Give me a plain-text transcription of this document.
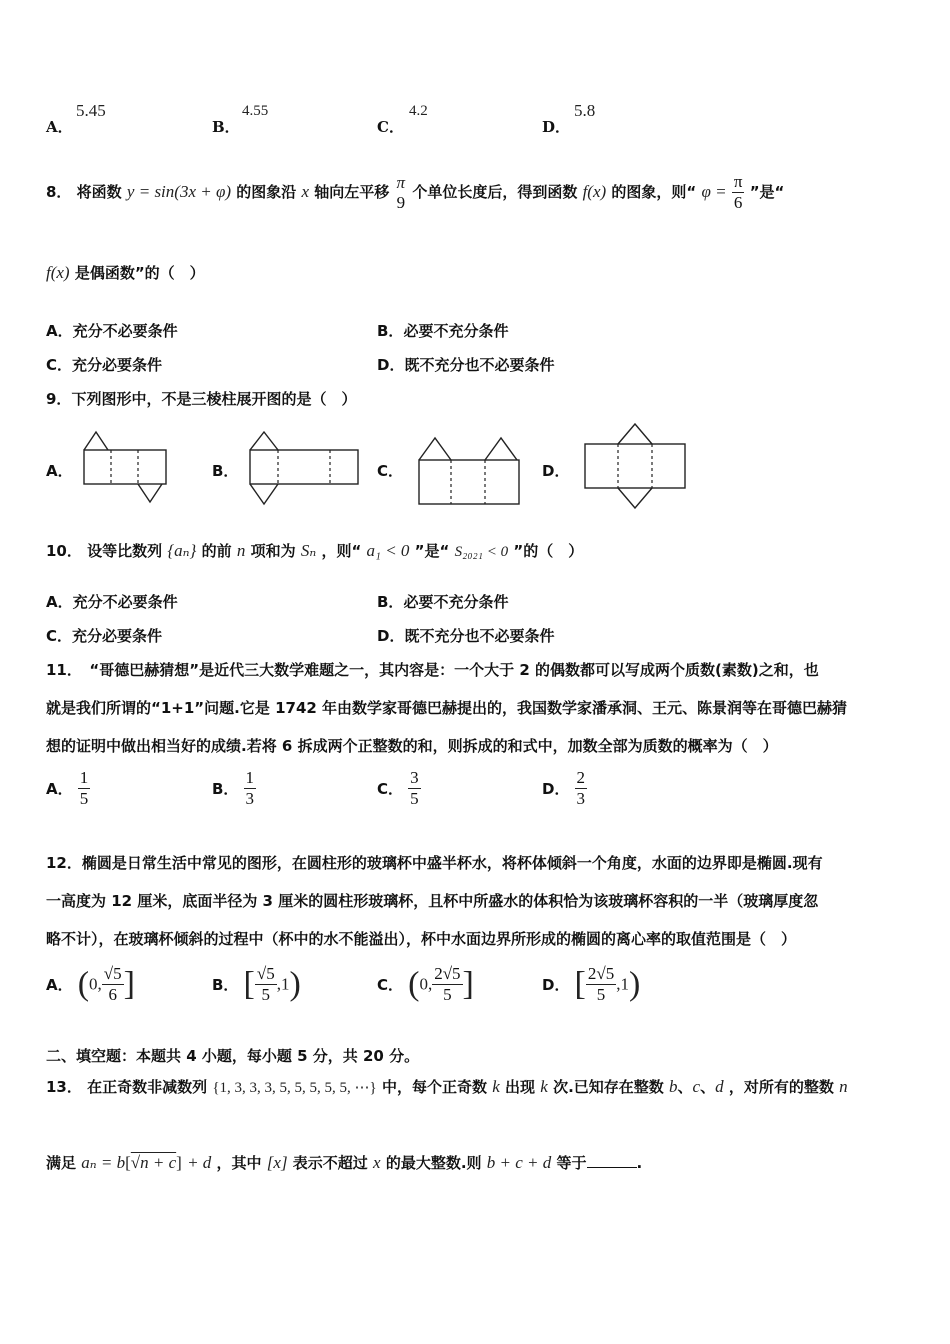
A．
5.45
B．
4.55
C．
4.2
D．
5.8
8． 将函数 y = sin(3x + φ) 的图象沿 x 轴向左平移
π
9
个单位长度后，得到函数 f(x) 的图象，则“ $\varphi = \frac{\pi}{6}$ ”是“
f(x) 是偶函数”的（　）
A．充分不必要条件	B．必要不充分条件
C．充分必要条件	D．既不充分也不必要条件
9．下列图形中，不是三棱柱展开图的是（　）
A．	B．	C．	D．
10． 设等比数列 {aₙ} 的前 n 项和为 Sₙ ，则“ a₁ < 0 ”是“ S₂₀₂₁ < 0 ”的（　）
A．充分不必要条件	B．必要不充分条件
C．充分必要条件	D．既不充分也不必要条件
11．　“哥德巴赫猜想”是近代三大数学难题之一，其内容是：一个大于 2 的偶数都可以写成两个质数(素数)之和，也
就是我们所谓的“1+1”问题.它是 1742 年由数学家哥德巴赫提出的，我国数学家潘承洞、王元、陈景润等在哥德巴赫猜
想的证明中做出相当好的成绩.若将 6 拆成两个正整数的和，则拆成的和式中，加数全部为质数的概率为（　）
A． $\frac{1}{5}$	B． $\frac{1}{3}$	C． $\frac{3}{5}$	D． $\frac{2}{3}$
12．椭圆是日常生活中常见的图形，在圆柱形的玻璃杯中盛半杯水，将杯体倾斜一个角度，水面的边界即是椭圆.现有
一高度为 12 厘米，底面半径为 3 厘米的圆柱形玻璃杯，且杯中所盛水的体积恰为该玻璃杯容积的一半（玻璃厚度忽
略不计），在玻璃杯倾斜的过程中（杯中的水不能溢出），杯中水面边界所形成的椭圆的离心率的取值范围是（　）
A． (0, $\frac{√5}{6}$ ]	B． [ $\frac{√5}{5} ,1$)	C． (0, $\frac{2√5}{5}$ ]	D． [ $\frac{2√5}{5} ,1$)
二、填空题：本题共 4 小题，每小题 5 分，共 20 分。
13． 在正奇数非减数列 {1, 3, 3, 3, 5, 5, 5, 5, 5, ⋯} 中，每个正奇数 k 出现 k 次.已知存在整数 b、c、d ，对所有的整数 n
满足 aₙ = b[√n + c] + d ，其中 [x] 表示不超过 x 的最大整数.则 b + c + d 等于	.
